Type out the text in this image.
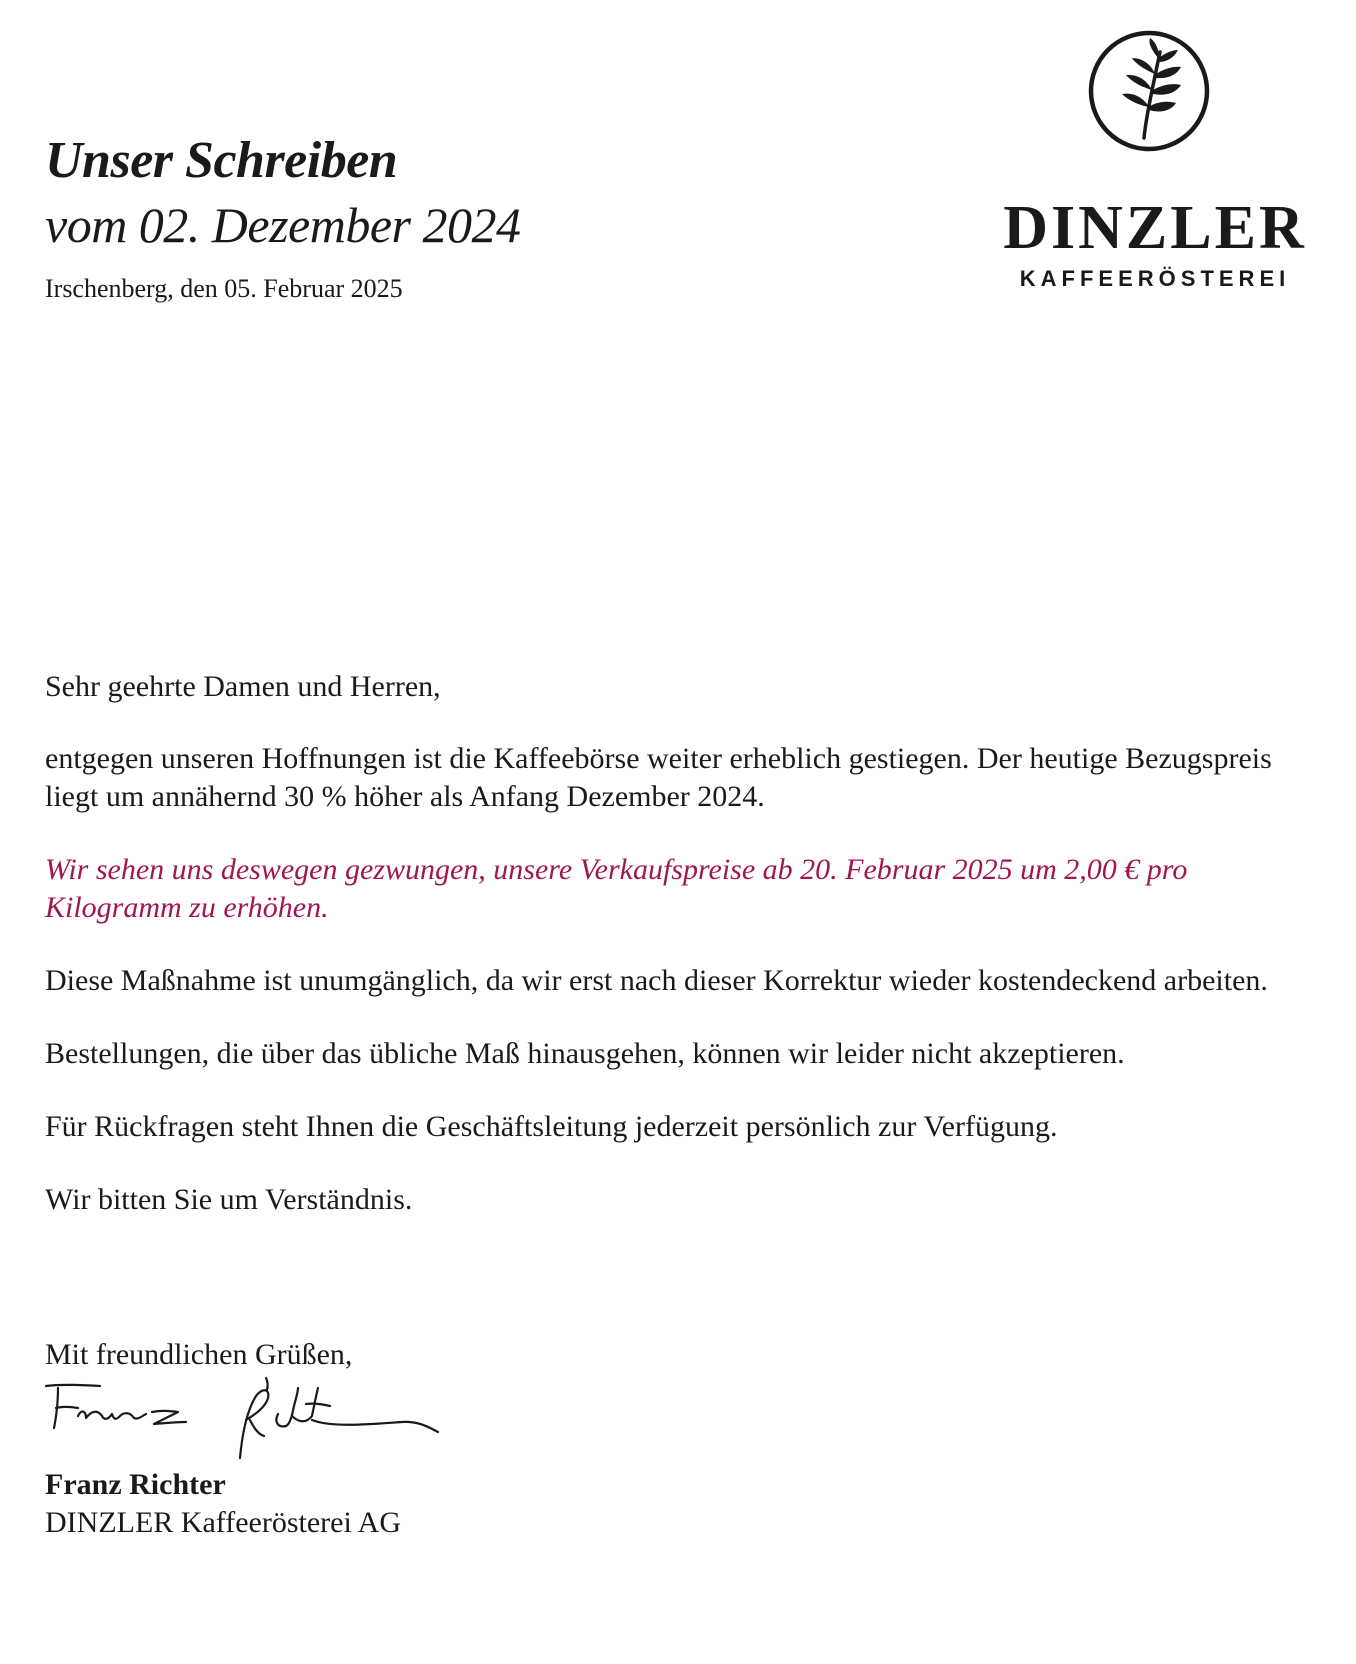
Unser Schreiben
vom 02. Dezember 2024

Irschenberg, den 05. Februar 2025

DINZLER
KAFFEERÖSTEREI

Sehr geehrte Damen und Herren,

entgegen unseren Hoffnungen ist die Kaffeebörse weiter erheblich gestiegen. Der heutige Bezugspreis liegt um annähernd 30 % höher als Anfang Dezember 2024.

Wir sehen uns deswegen gezwungen, unsere Verkaufspreise ab 20. Februar 2025 um 2,00 € pro Kilogramm zu erhöhen.

Diese Maßnahme ist unumgänglich, da wir erst nach dieser Korrektur wieder kostendeckend arbeiten.

Bestellungen, die über das übliche Maß hinausgehen, können wir leider nicht akzeptieren.

Für Rückfragen steht Ihnen die Geschäftsleitung jederzeit persönlich zur Verfügung.

Wir bitten Sie um Verständnis.

Mit freundlichen Grüßen,

Franz Richter

DINZLER Kaffeerösterei AG
